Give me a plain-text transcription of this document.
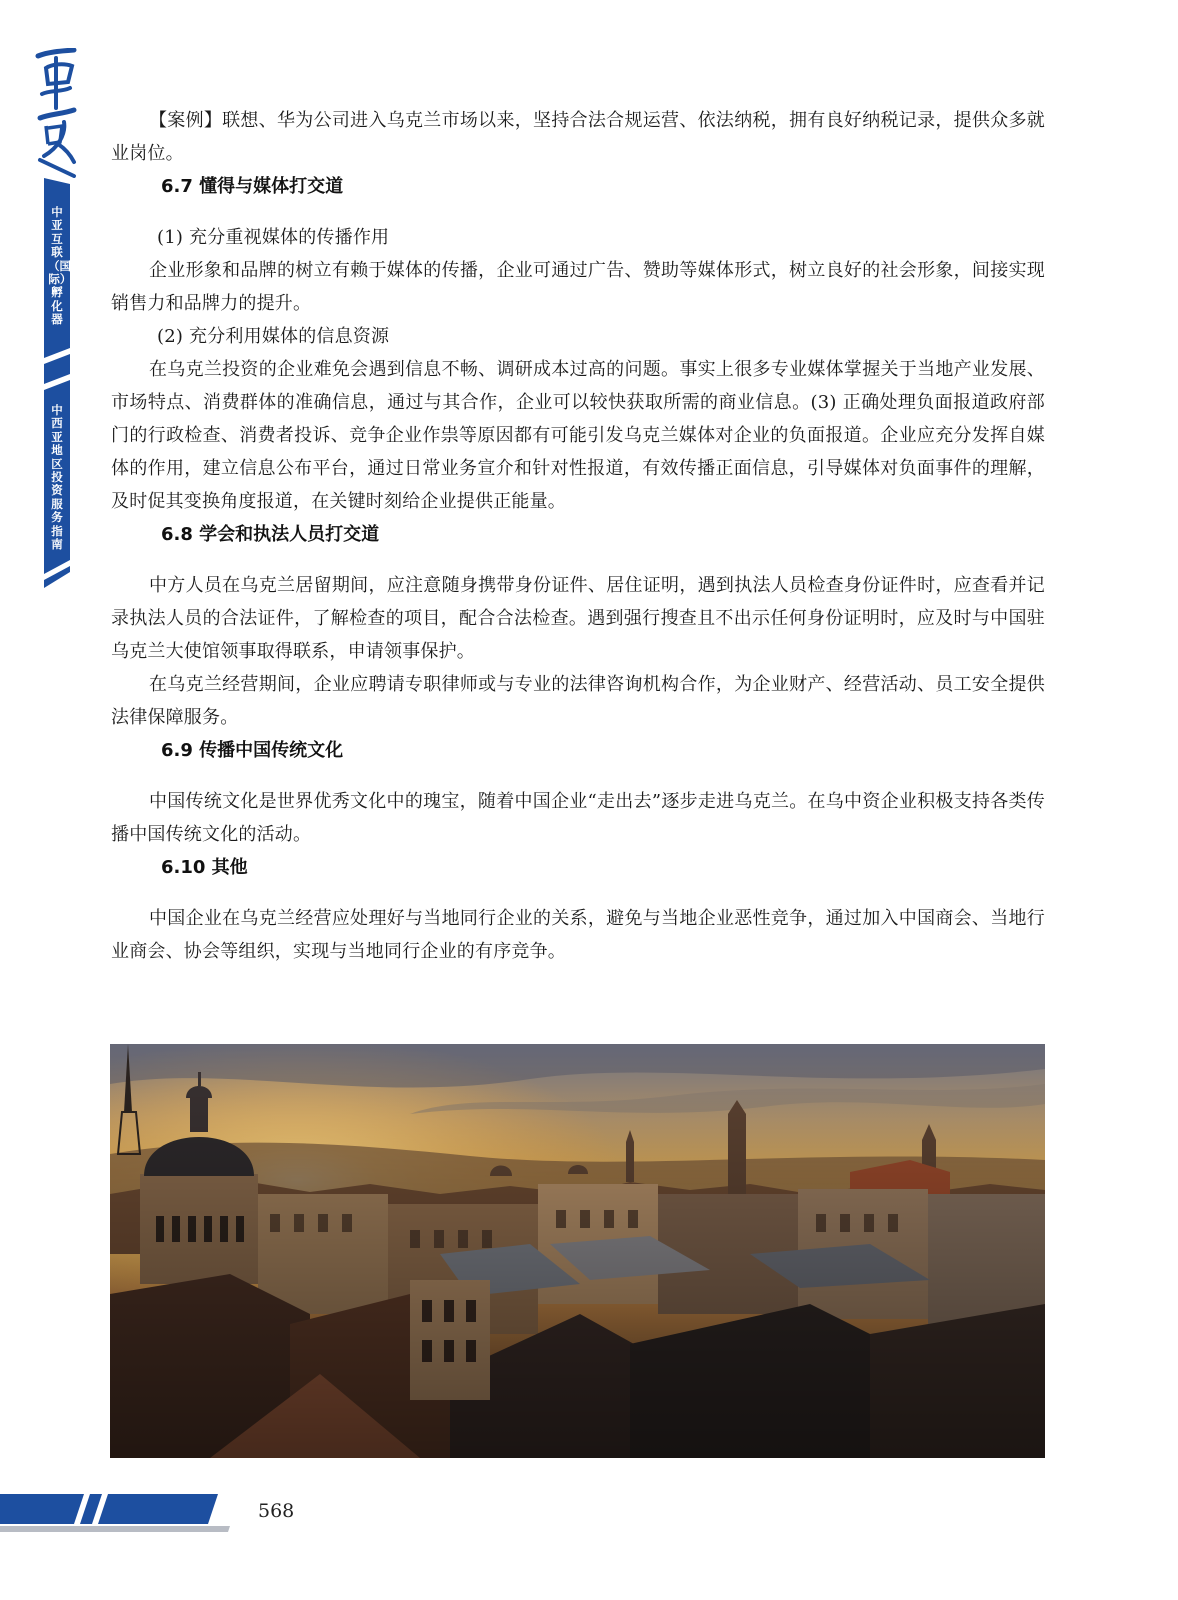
中亚互联（国际）孵化器
中西亚地区投资服务指南

【案例】联想、华为公司进入乌克兰市场以来，坚持合法合规运营、依法纳税，拥有良好纳税记录，提供众多就业岗位。

6.7 懂得与媒体打交道

(1) 充分重视媒体的传播作用

企业形象和品牌的树立有赖于媒体的传播，企业可通过广告、赞助等媒体形式，树立良好的社会形象，间接实现销售力和品牌力的提升。

(2) 充分利用媒体的信息资源

在乌克兰投资的企业难免会遇到信息不畅、调研成本过高的问题。事实上很多专业媒体掌握关于当地产业发展、市场特点、消费群体的准确信息，通过与其合作，企业可以较快获取所需的商业信息。(3) 正确处理负面报道政府部门的行政检查、消费者投诉、竞争企业作祟等原因都有可能引发乌克兰媒体对企业的负面报道。企业应充分发挥自媒体的作用，建立信息公布平台，通过日常业务宣介和针对性报道，有效传播正面信息，引导媒体对负面事件的理解，及时促其变换角度报道，在关键时刻给企业提供正能量。

6.8 学会和执法人员打交道

中方人员在乌克兰居留期间，应注意随身携带身份证件、居住证明，遇到执法人员检查身份证件时，应查看并记录执法人员的合法证件，了解检查的项目，配合合法检查。遇到强行搜查且不出示任何身份证明时，应及时与中国驻乌克兰大使馆领事取得联系，申请领事保护。

在乌克兰经营期间，企业应聘请专职律师或与专业的法律咨询机构合作，为企业财产、经营活动、员工安全提供法律保障服务。

6.9 传播中国传统文化

中国传统文化是世界优秀文化中的瑰宝，随着中国企业“走出去”逐步走进乌克兰。在乌中资企业积极支持各类传播中国传统文化的活动。

6.10 其他

中国企业在乌克兰经营应处理好与当地同行企业的关系，避免与当地企业恶性竞争，通过加入中国商会、当地行业商会、协会等组织，实现与当地同行企业的有序竞争。

568
